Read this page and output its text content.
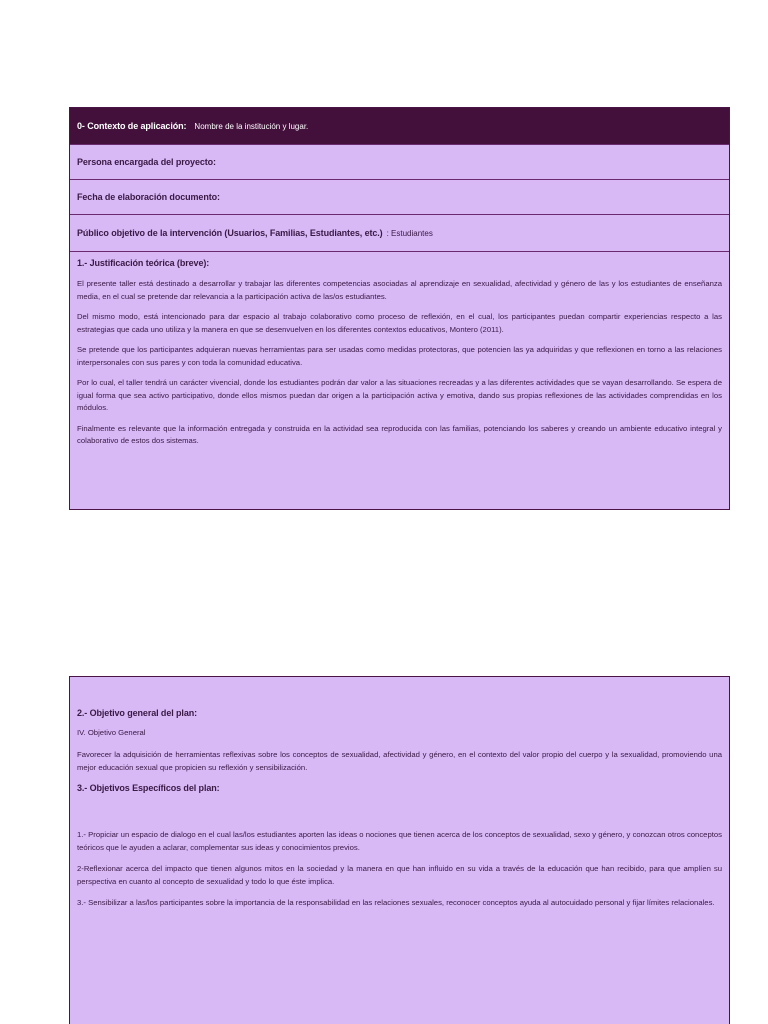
0- Contexto de aplicación: Nombre de la institución y lugar.
Persona encargada del proyecto:
Fecha de elaboración documento:
Público objetivo de la intervención (Usuarios, Familias, Estudiantes, etc.) : Estudiantes
1.- Justificación teórica (breve):

El presente taller está destinado a desarrollar y trabajar las diferentes competencias asociadas al aprendizaje en sexualidad, afectividad y género de las y los estudiantes de enseñanza media, en el cual se pretende dar relevancia a la participación activa de las/os estudiantes.

Del mismo modo, está intencionado para dar espacio al trabajo colaborativo como proceso de reflexión, en el cual, los participantes puedan compartir experiencias respecto a las estrategias que cada uno utiliza y la manera en que se desenvuelven en los diferentes contextos educativos, Montero (2011).

Se pretende que los participantes adquieran nuevas herramientas para ser usadas como medidas protectoras, que potencien las ya adquiridas y que reflexionen en torno a las relaciones interpersonales con sus pares y con toda la comunidad educativa.

Por lo cual, el taller tendrá un carácter vivencial, donde los estudiantes podrán dar valor a las situaciones recreadas y a las diferentes actividades que se vayan desarrollando. Se espera de igual forma que sea activo participativo, donde ellos mismos puedan dar origen a la participación activa y emotiva, dando sus propias reflexiones de las actividades comprendidas en los módulos.

Finalmente es relevante que la información entregada y construida en la actividad sea reproducida con las familias, potenciando los saberes y creando un ambiente educativo integral y colaborativo de estos dos sistemas.

2.- Objetivo general del plan:

IV. Objetivo General

Favorecer la adquisición de herramientas reflexivas sobre los conceptos de sexualidad, afectividad y género, en el contexto del valor propio del cuerpo y la sexualidad, promoviendo una mejor educación sexual que propicien su reflexión y sensibilización.

3.- Objetivos Específicos del plan:

1.- Propiciar un espacio de dialogo en el cual las/los estudiantes aporten las ideas o nociones que tienen acerca de los conceptos de sexualidad, sexo y género, y conozcan otros conceptos teóricos que le ayuden a aclarar, complementar sus ideas y conocimientos previos.

2-Reflexionar acerca del impacto que tienen algunos mitos en la sociedad y la manera en que han influido en su vida a través de la educación que han recibido, para que amplíen su perspectiva en cuanto al concepto de sexualidad y todo lo que éste implica.

3.- Sensibilizar a las/los participantes sobre la importancia de la responsabilidad en las relaciones sexuales, reconocer conceptos ayuda al autocuidado personal y fijar límites relacionales.
